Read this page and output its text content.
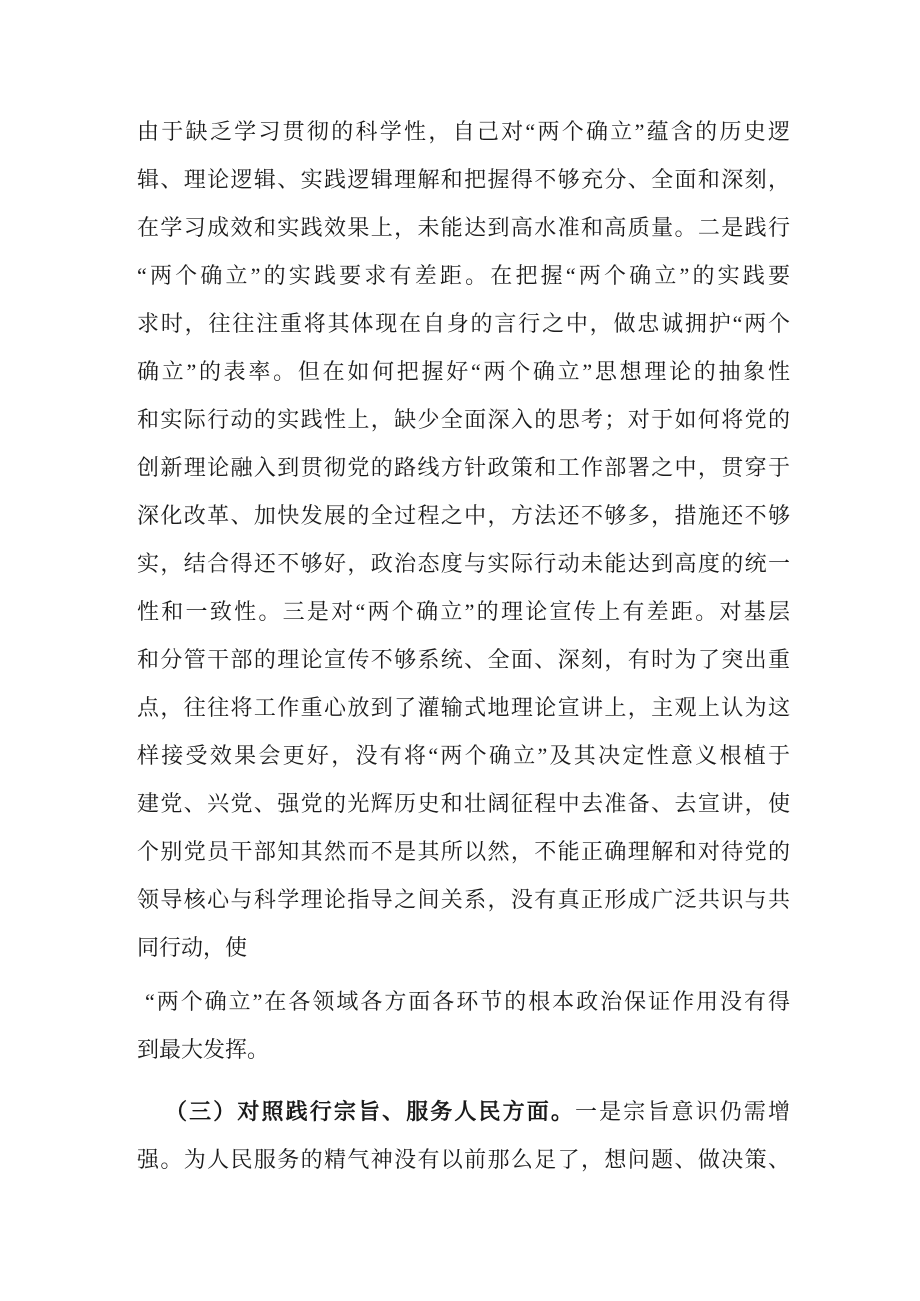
由于缺乏学习贯彻的科学性，自己对“两个确立”蕴含的历史逻
辑、理论逻辑、实践逻辑理解和把握得不够充分、全面和深刻，
在学习成效和实践效果上，未能达到高水准和高质量。二是践行
“两个确立”的实践要求有差距。在把握“两个确立”的实践要
求时，往往注重将其体现在自身的言行之中，做忠诚拥护“两个
确立”的表率。但在如何把握好“两个确立”思想理论的抽象性
和实际行动的实践性上，缺少全面深入的思考；对于如何将党的
创新理论融入到贯彻党的路线方针政策和工作部署之中，贯穿于
深化改革、加快发展的全过程之中，方法还不够多，措施还不够
实，结合得还不够好，政治态度与实际行动未能达到高度的统一
性和一致性。三是对“两个确立”的理论宣传上有差距。对基层
和分管干部的理论宣传不够系统、全面、深刻，有时为了突出重
点，往往将工作重心放到了灌输式地理论宣讲上，主观上认为这
样接受效果会更好，没有将“两个确立”及其决定性意义根植于
建党、兴党、强党的光辉历史和壮阔征程中去准备、去宣讲，使
个别党员干部知其然而不是其所以然，不能正确理解和对待党的
领导核心与科学理论指导之间关系，没有真正形成广泛共识与共
同行动，使
“两个确立”在各领域各方面各环节的根本政治保证作用没有得
到最大发挥。
（三）对照践行宗旨、服务人民方面。一是宗旨意识仍需增
强。为人民服务的精气神没有以前那么足了，想问题、做决策、
